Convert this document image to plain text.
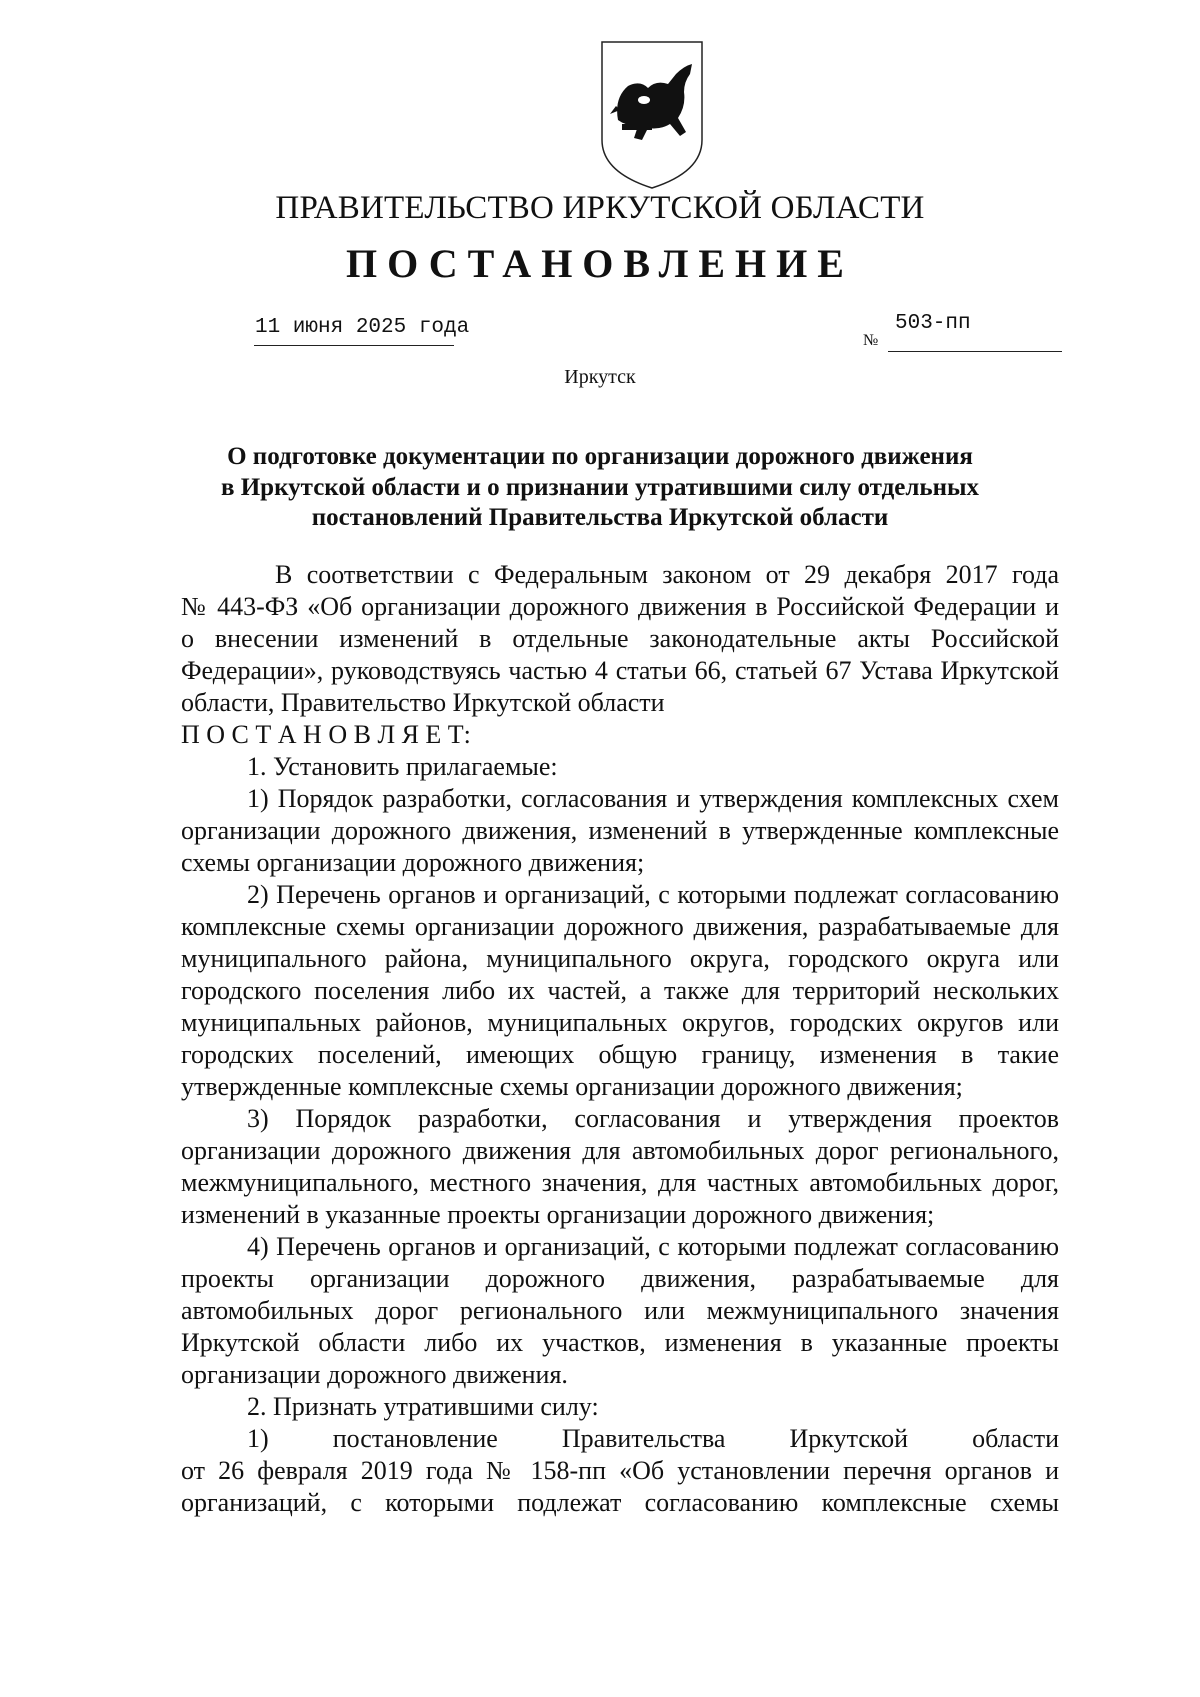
ПРАВИТЕЛЬСТВО ИРКУТСКОЙ ОБЛАСТИ
ПОСТАНОВЛЕНИЕ
11 июня 2025 года
№
503-пп
Иркутск
О подготовке документации по организации дорожного движения
в Иркутской области и о признании утратившими силу отдельных
постановлений Правительства Иркутской области
В соответствии с Федеральным законом от 29 декабря 2017 года
№ 443-ФЗ «Об организации дорожного движения в Российской Федерации и
о внесении изменений в отдельные законодательные акты Российской
Федерации», руководствуясь частью 4 статьи 66, статьей 67 Устава Иркутской
области, Правительство Иркутской области
П О С Т А Н О В Л Я Е Т:
1. Установить прилагаемые:
1) Порядок разработки, согласования и утверждения комплексных схем
организации дорожного движения, изменений в утвержденные комплексные
схемы организации дорожного движения;
2) Перечень органов и организаций, с которыми подлежат согласованию
комплексные схемы организации дорожного движения, разрабатываемые для
муниципального района, муниципального округа, городского округа или
городского поселения либо их частей, а также для территорий нескольких
муниципальных районов, муниципальных округов, городских округов или
городских поселений, имеющих общую границу, изменения в такие
утвержденные комплексные схемы организации дорожного движения;
3) Порядок разработки, согласования и утверждения проектов
организации дорожного движения для автомобильных дорог регионального,
межмуниципального, местного значения, для частных автомобильных дорог,
изменений в указанные проекты организации дорожного движения;
4) Перечень органов и организаций, с которыми подлежат согласованию
проекты организации дорожного движения, разрабатываемые для
автомобильных дорог регионального или межмуниципального значения
Иркутской области либо их участков, изменения в указанные проекты
организации дорожного движения.
2. Признать утратившими силу:
1) постановление Правительства Иркутской области
от 26 февраля 2019 года № 158-пп «Об установлении перечня органов и
организаций, с которыми подлежат согласованию комплексные схемы
